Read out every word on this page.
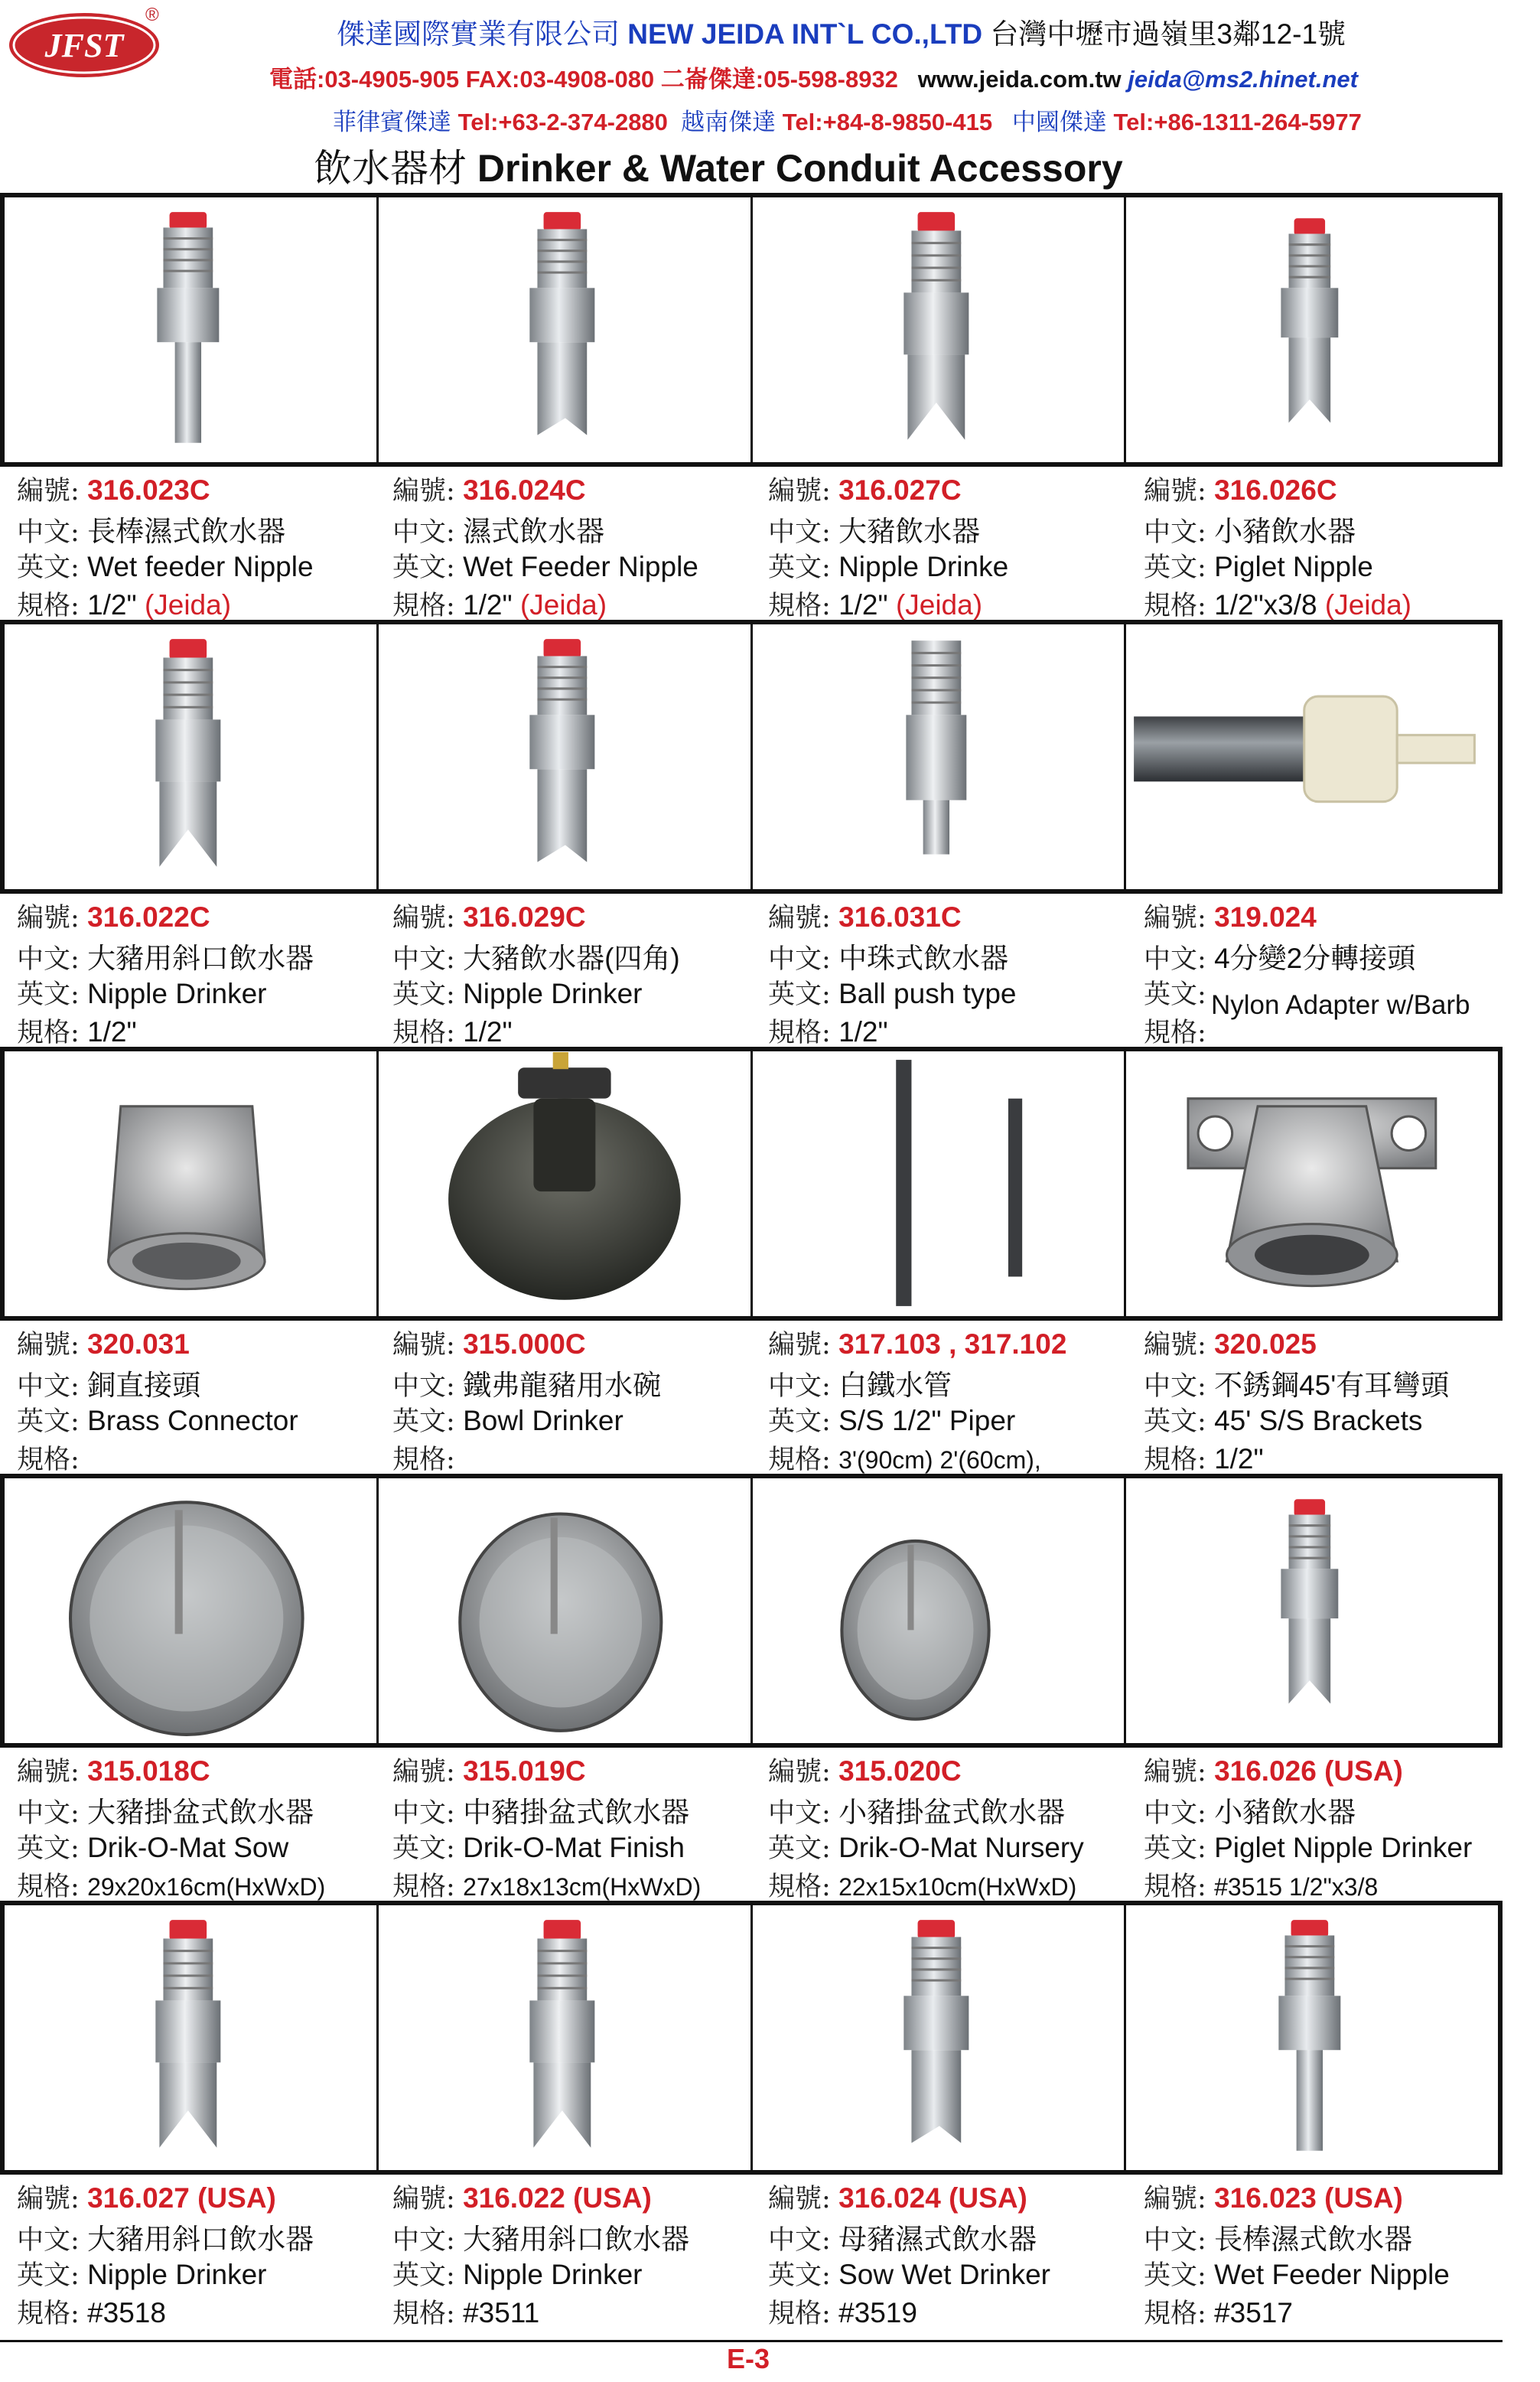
JFST
®
傑達國際實業有限公司 NEW JEIDA INT`L CO.,LTD 台灣中壢市過嶺里3鄰12-1號
電話:03-4905-905 FAX:03-4908-080 二崙傑達:05-598-8932 www.jeida.com.tw jeida@ms2.hinet.net
菲律賓傑達 Tel:+63-2-374-2880 越南傑達 Tel:+84-8-9850-415 中國傑達 Tel:+86-1311-264-5977
飲水器材 Drinker & Water Conduit Accessory
編號: 316.023C
中文: 長棒濕式飲水器
英文: Wet feeder Nipple
規格: 1/2" (Jeida)
編號: 316.024C
中文: 濕式飲水器
英文: Wet Feeder Nipple
規格: 1/2" (Jeida)
編號: 316.027C
中文: 大豬飲水器
英文: Nipple Drinke
規格: 1/2" (Jeida)
編號: 316.026C
中文: 小豬飲水器
英文: Piglet Nipple
規格: 1/2"x3/8 (Jeida)
編號: 316.022C
中文: 大豬用斜口飲水器
英文: Nipple Drinker
規格: 1/2"
編號: 316.029C
中文: 大豬飲水器(四角)
英文: Nipple Drinker
規格: 1/2"
編號: 316.031C
中文: 中珠式飲水器
英文: Ball push type
規格: 1/2"
編號: 319.024
中文: 4分變2分轉接頭
英文:
規格:
Nylon Adapter w/Barb
編號: 320.031
中文: 銅直接頭
英文: Brass Connector
規格:
編號: 315.000C
中文: 鐵弗龍豬用水碗
英文: Bowl Drinker
規格:
編號: 317.103 , 317.102
中文: 白鐵水管
英文: S/S 1/2" Piper
規格: 3'(90cm) 2'(60cm),
編號: 320.025
中文: 不銹鋼45'有耳彎頭
英文: 45' S/S Brackets
規格: 1/2"
編號: 315.018C
中文: 大豬掛盆式飲水器
英文: Drik-O-Mat Sow
規格: 29x20x16cm(HxWxD)
編號: 315.019C
中文: 中豬掛盆式飲水器
英文: Drik-O-Mat Finish
規格: 27x18x13cm(HxWxD)
編號: 315.020C
中文: 小豬掛盆式飲水器
英文: Drik-O-Mat Nursery
規格: 22x15x10cm(HxWxD)
編號: 316.026 (USA)
中文: 小豬飲水器
英文: Piglet Nipple Drinker
規格: #3515 1/2"x3/8
編號: 316.027 (USA)
中文: 大豬用斜口飲水器
英文: Nipple Drinker
規格: #3518
編號: 316.022 (USA)
中文: 大豬用斜口飲水器
英文: Nipple Drinker
規格: #3511
編號: 316.024 (USA)
中文: 母豬濕式飲水器
英文: Sow Wet Drinker
規格: #3519
編號: 316.023 (USA)
中文: 長棒濕式飲水器
英文: Wet Feeder Nipple
規格: #3517
E-3
